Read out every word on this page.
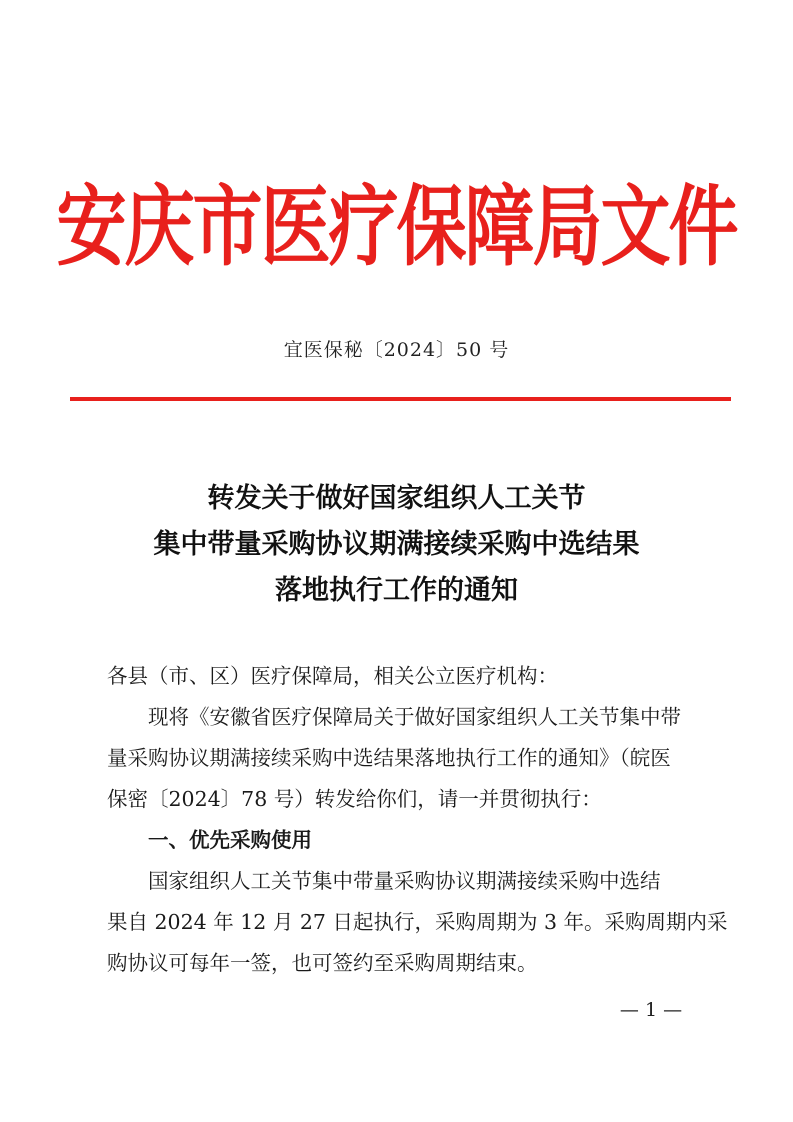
安庆市医疗保障局文件
宜医保秘〔2024〕50 号
转发关于做好国家组织人工关节
集中带量采购协议期满接续采购中选结果
落地执行工作的通知
各县（市、区）医疗保障局，相关公立医疗机构：
现将《安徽省医疗保障局关于做好国家组织人工关节集中带
量采购协议期满接续采购中选结果落地执行工作的通知》（皖医
保密〔2024〕78 号）转发给你们，请一并贯彻执行：
一、优先采购使用
国家组织人工关节集中带量采购协议期满接续采购中选结
果自 2024 年 12 月 27 日起执行，采购周期为 3 年。采购周期内采
购协议可每年一签，也可签约至采购周期结束。
— 1 —
